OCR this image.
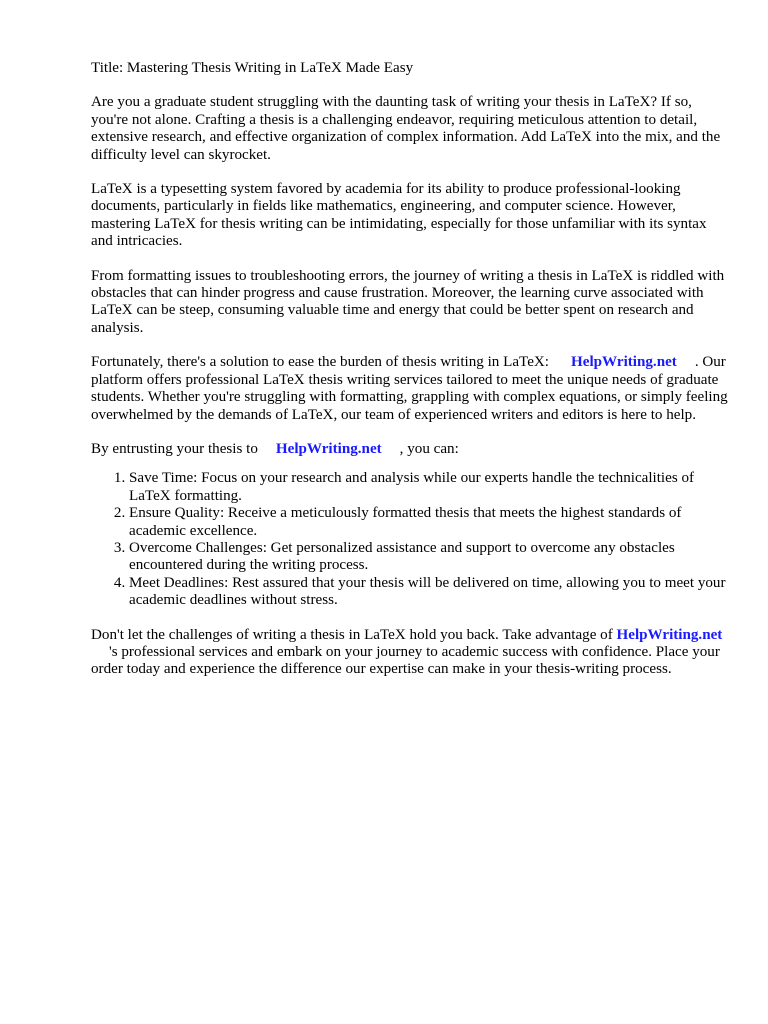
Title: Mastering Thesis Writing in LaTeX Made Easy

Are you a graduate student struggling with the daunting task of writing your thesis in LaTeX? If so, you're not alone. Crafting a thesis is a challenging endeavor, requiring meticulous attention to detail, extensive research, and effective organization of complex information. Add LaTeX into the mix, and the difficulty level can skyrocket.

LaTeX is a typesetting system favored by academia for its ability to produce professional-looking documents, particularly in fields like mathematics, engineering, and computer science. However, mastering LaTeX for thesis writing can be intimidating, especially for those unfamiliar with its syntax and intricacies.

From formatting issues to troubleshooting errors, the journey of writing a thesis in LaTeX is riddled with obstacles that can hinder progress and cause frustration. Moreover, the learning curve associated with LaTeX can be steep, consuming valuable time and energy that could be better spent on research and analysis.

Fortunately, there's a solution to ease the burden of thesis writing in LaTeX: HelpWriting.net . Our platform offers professional LaTeX thesis writing services tailored to meet the unique needs of graduate students. Whether you're struggling with formatting, grappling with complex equations, or simply feeling overwhelmed by the demands of LaTeX, our team of experienced writers and editors is here to help.

By entrusting your thesis to HelpWriting.net , you can:

1. Save Time: Focus on your research and analysis while our experts handle the technicalities of LaTeX formatting.
2. Ensure Quality: Receive a meticulously formatted thesis that meets the highest standards of academic excellence.
3. Overcome Challenges: Get personalized assistance and support to overcome any obstacles encountered during the writing process.
4. Meet Deadlines: Rest assured that your thesis will be delivered on time, allowing you to meet your academic deadlines without stress.

Don't let the challenges of writing a thesis in LaTeX hold you back. Take advantage of HelpWriting.net's professional services and embark on your journey to academic success with confidence. Place your order today and experience the difference our expertise can make in your thesis-writing process.
